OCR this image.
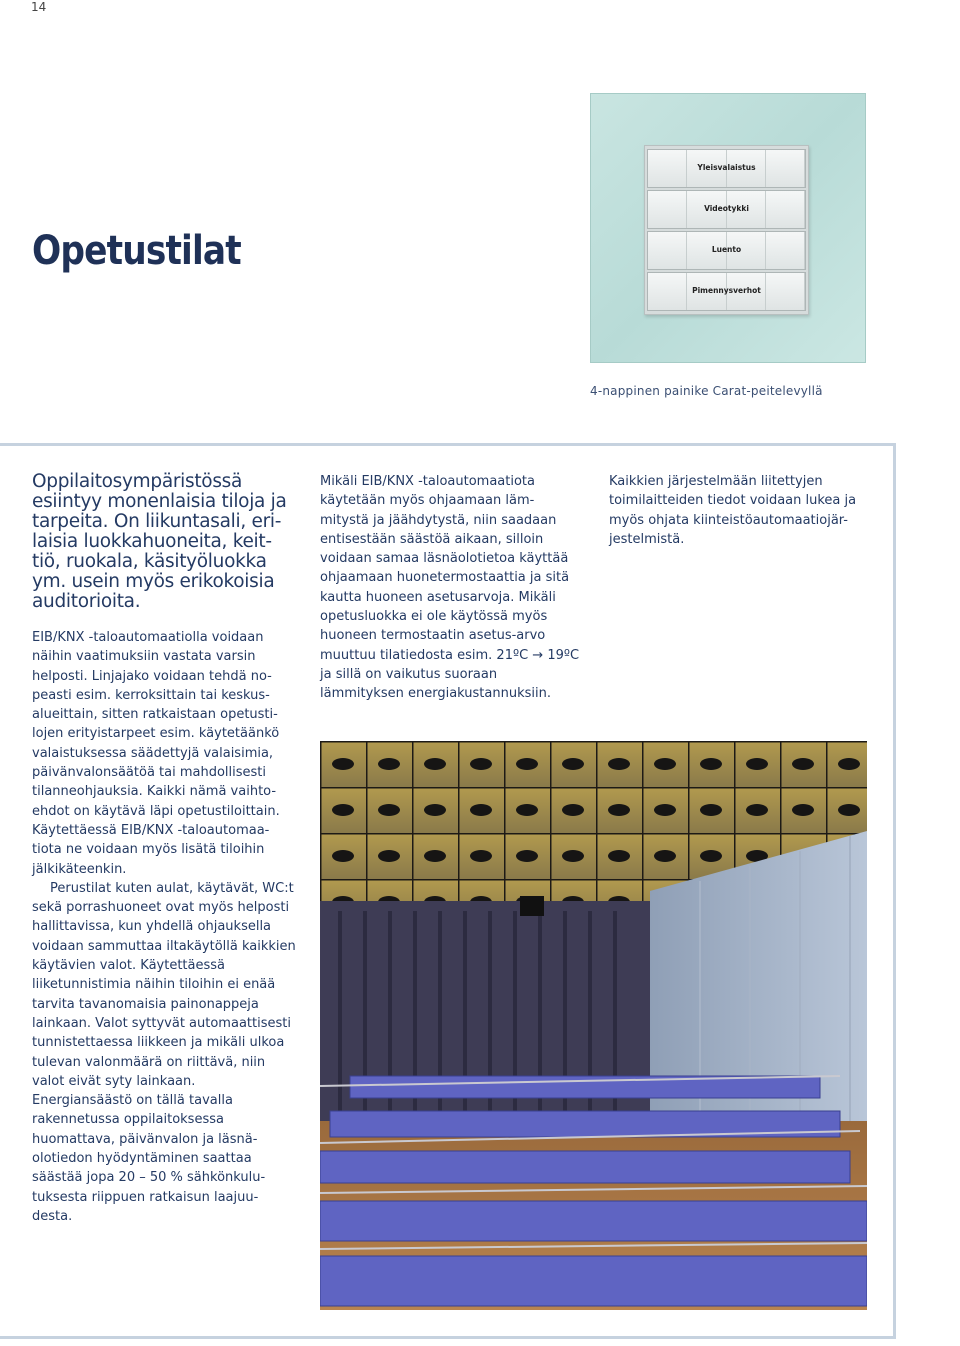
14
Opetustilat
Yleisvalaistus
Videotykki
Luento
Pimennysverhot
4-nappinen painike Carat-peitelevyllä

Oppilaitosympäristössä esiintyy monenlaisia tiloja ja tarpeita. On liikuntasali, eri-laisia luokkahuoneita, keit-tiö, ruokala, käsityöluokka ym. usein myös erikokoisia auditorioita.

EIB/KNX -taloautomaatiolla voidaan näihin vaatimuksiin vastata varsin helposti. Linjajako voidaan tehdä no-peasti esim. kerroksittain tai keskus-alueittain, sitten ratkaistaan opetusti-lojen erityistarpeet esim. käytetäänkö valaistuksessa säädettyjä valaisimia, päivänvalonsäätöä tai mahdollisesti tilanneohjauksia. Kaikki nämä vaihto-ehdot on käytävä läpi opetustiloittain. Käytettäessä EIB/KNX -taloautomaa-tiota ne voidaan myös lisätä tiloihin jälkikäteenkin.

Perustilat kuten aulat, käytävät, WC:t sekä porrashuoneet ovat myös helposti hallittavissa, kun yhdellä ohjauksella voidaan sammuttaa iltakäytöllä kaikkien käytävien valot. Käytettäessä liiketunnistimia näihin tiloihin ei enää tarvita tavanomaisia painonappeja lainkaan. Valot syttyvät automaattisesti tunnistettaessa liikkeen ja mikäli ulkoa tulevan valonmäärä on riittävä, niin valot eivät syty lainkaan. Energiansäästö on tällä tavalla rakennetussa oppilaitoksessa huomattava, päivänvalon ja läsnä-olotiedon hyödyntäminen saattaa säästää jopa 20 – 50 % sähkönkulu-tuksesta riippuen ratkaisun laajuu-desta.

Mikäli EIB/KNX -taloautomaatiota käytetään myös ohjaamaan läm-mitystä ja jäähdytystä, niin saadaan entisestään säästöä aikaan, silloin voidaan samaa läsnäolotietoa käyttää ohjaamaan huonetermostaattia ja sitä kautta huoneen asetusarvoja. Mikäli opetusluokka ei ole käytössä myös huoneen termostaatin asetus-arvo muuttuu tilatiedosta esim. 21ºC → 19ºC ja sillä on vaikutus suoraan lämmityksen energiakustannuksiin.

Kaikkien järjestelmään liitettyjen toimilaitteiden tiedot voidaan lukea ja myös ohjata kiinteistöautomaatiojär-jestelmistä.
